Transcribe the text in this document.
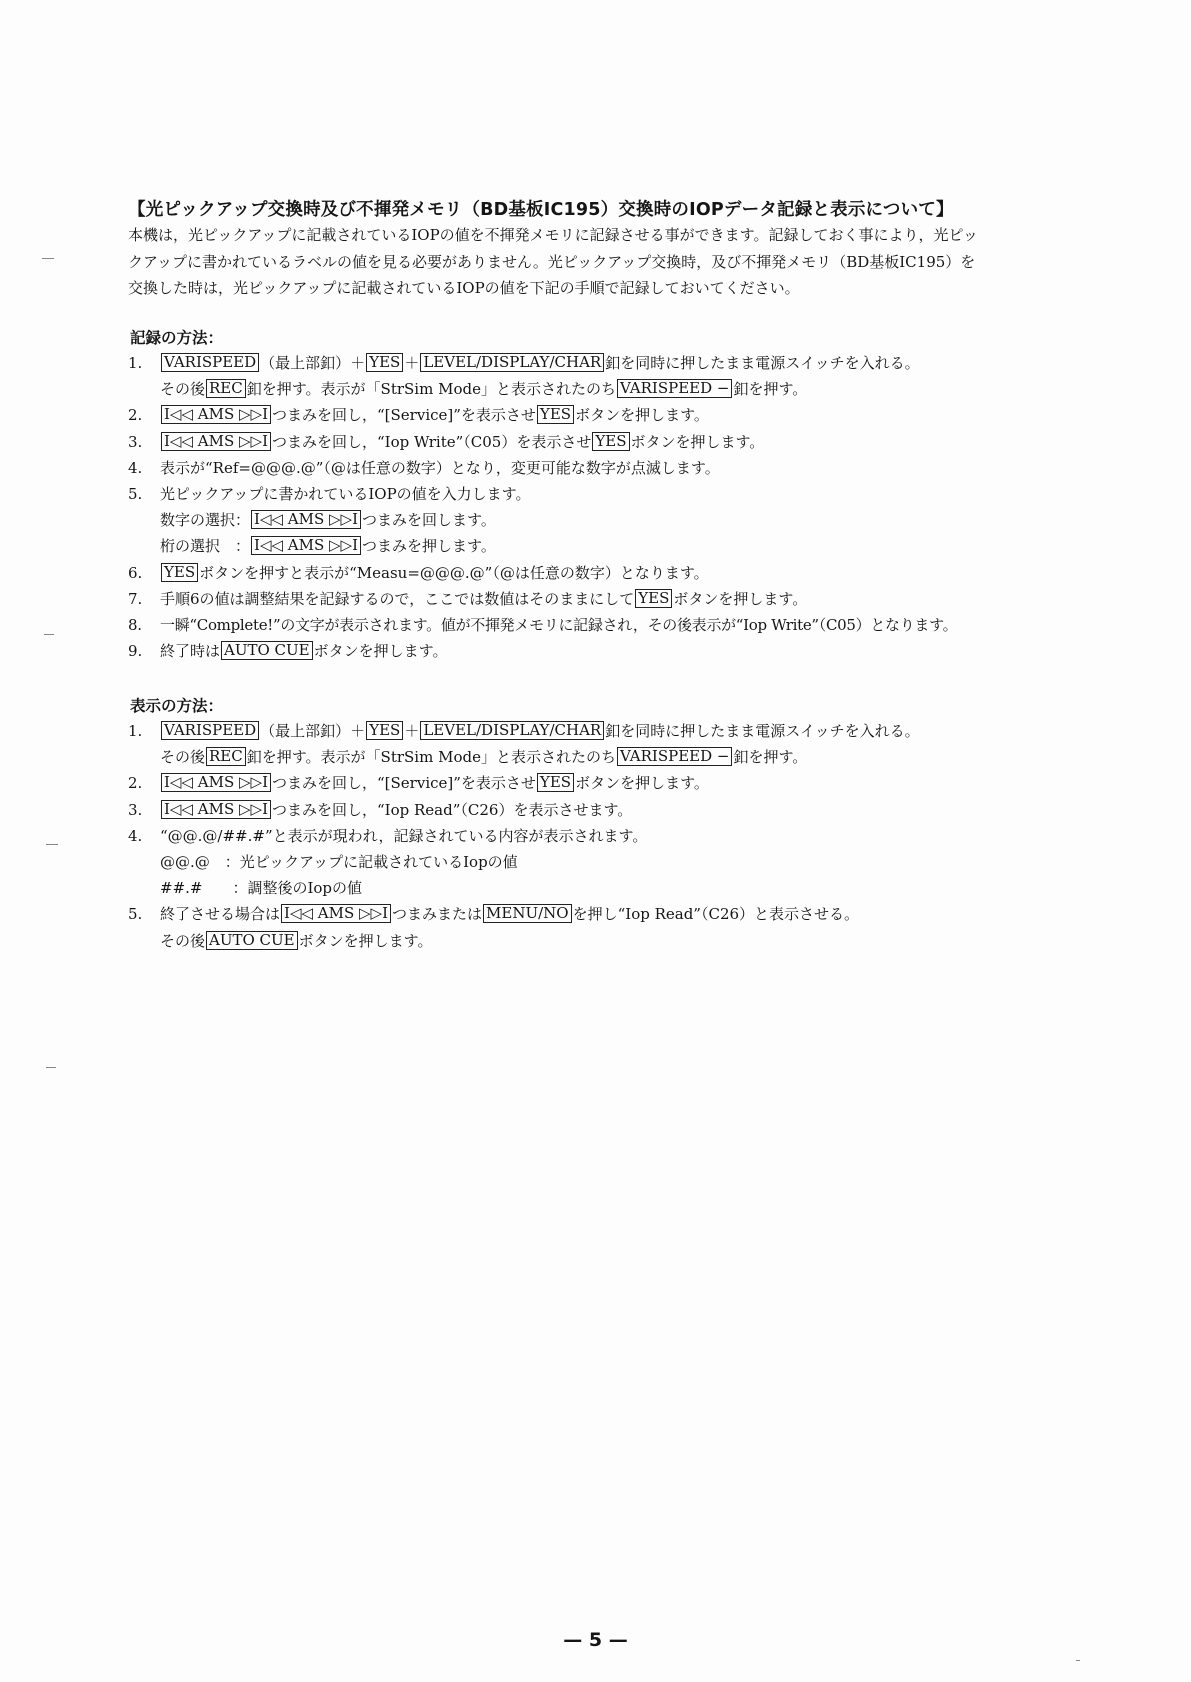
【光ピックアップ交換時及び不揮発メモリ（BD基板IC195）交換時のIOPデータ記録と表示について】
本機は，光ピックアップに記載されているIOPの値を不揮発メモリに記録させる事ができます。記録しておく事により，光ピッ
クアップに書かれているラベルの値を見る必要がありません。光ピックアップ交換時，及び不揮発メモリ（BD基板IC195）を
交換した時は，光ピックアップに記載されているIOPの値を下記の手順で記録しておいてください。
記録の方法：
1. VARISPEED （最上部釦）＋ YES ＋ LEVEL/DISPLAY/CHAR 釦を同時に押したまま電源スイッチを入れる。
その後 REC 釦を押す。表示が「StrSim Mode」と表示されたのち VARISPEED − 釦を押す。
2. I◁◁ AMS ▷▷I つまみを回し，“[Service]”を表示させ YES ボタンを押します。
3. I◁◁ AMS ▷▷I つまみを回し，“Iop Write”（C05）を表示させ YES ボタンを押します。
4. 表示が“Ref=@@@.@”（@は任意の数字）となり，変更可能な数字が点滅します。
5. 光ピックアップに書かれているIOPの値を入力します。
数字の選択： I◁◁ AMS ▷▷I つまみを回します。
桁の選択　： I◁◁ AMS ▷▷I つまみを押します。
6. YES ボタンを押すと表示が“Measu=@@@.@”（@は任意の数字）となります。
7. 手順6の値は調整結果を記録するので，ここでは数値はそのままにして YES ボタンを押します。
8. 一瞬“Complete!”の文字が表示されます。値が不揮発メモリに記録され，その後表示が“Iop Write”（C05）となります。
9. 終了時は AUTO CUE ボタンを押します。
表示の方法：
1. VARISPEED （最上部釦）＋ YES ＋ LEVEL/DISPLAY/CHAR 釦を同時に押したまま電源スイッチを入れる。
その後 REC 釦を押す。表示が「StrSim Mode」と表示されたのち VARISPEED − 釦を押す。
2. I◁◁ AMS ▷▷I つまみを回し，“[Service]”を表示させ YES ボタンを押します。
3. I◁◁ AMS ▷▷I つまみを回し，“Iop Read”（C26）を表示させます。
4. “@@.@/##.#”と表示が現われ，記録されている内容が表示されます。
@@.@　：光ピックアップに記載されているIopの値
##.#　　：調整後のIopの値
5. 終了させる場合は I◁◁ AMS ▷▷I つまみまたは MENU/NO を押し“Iop Read”（C26）と表示させる。
その後 AUTO CUE ボタンを押します。
— 5 —
